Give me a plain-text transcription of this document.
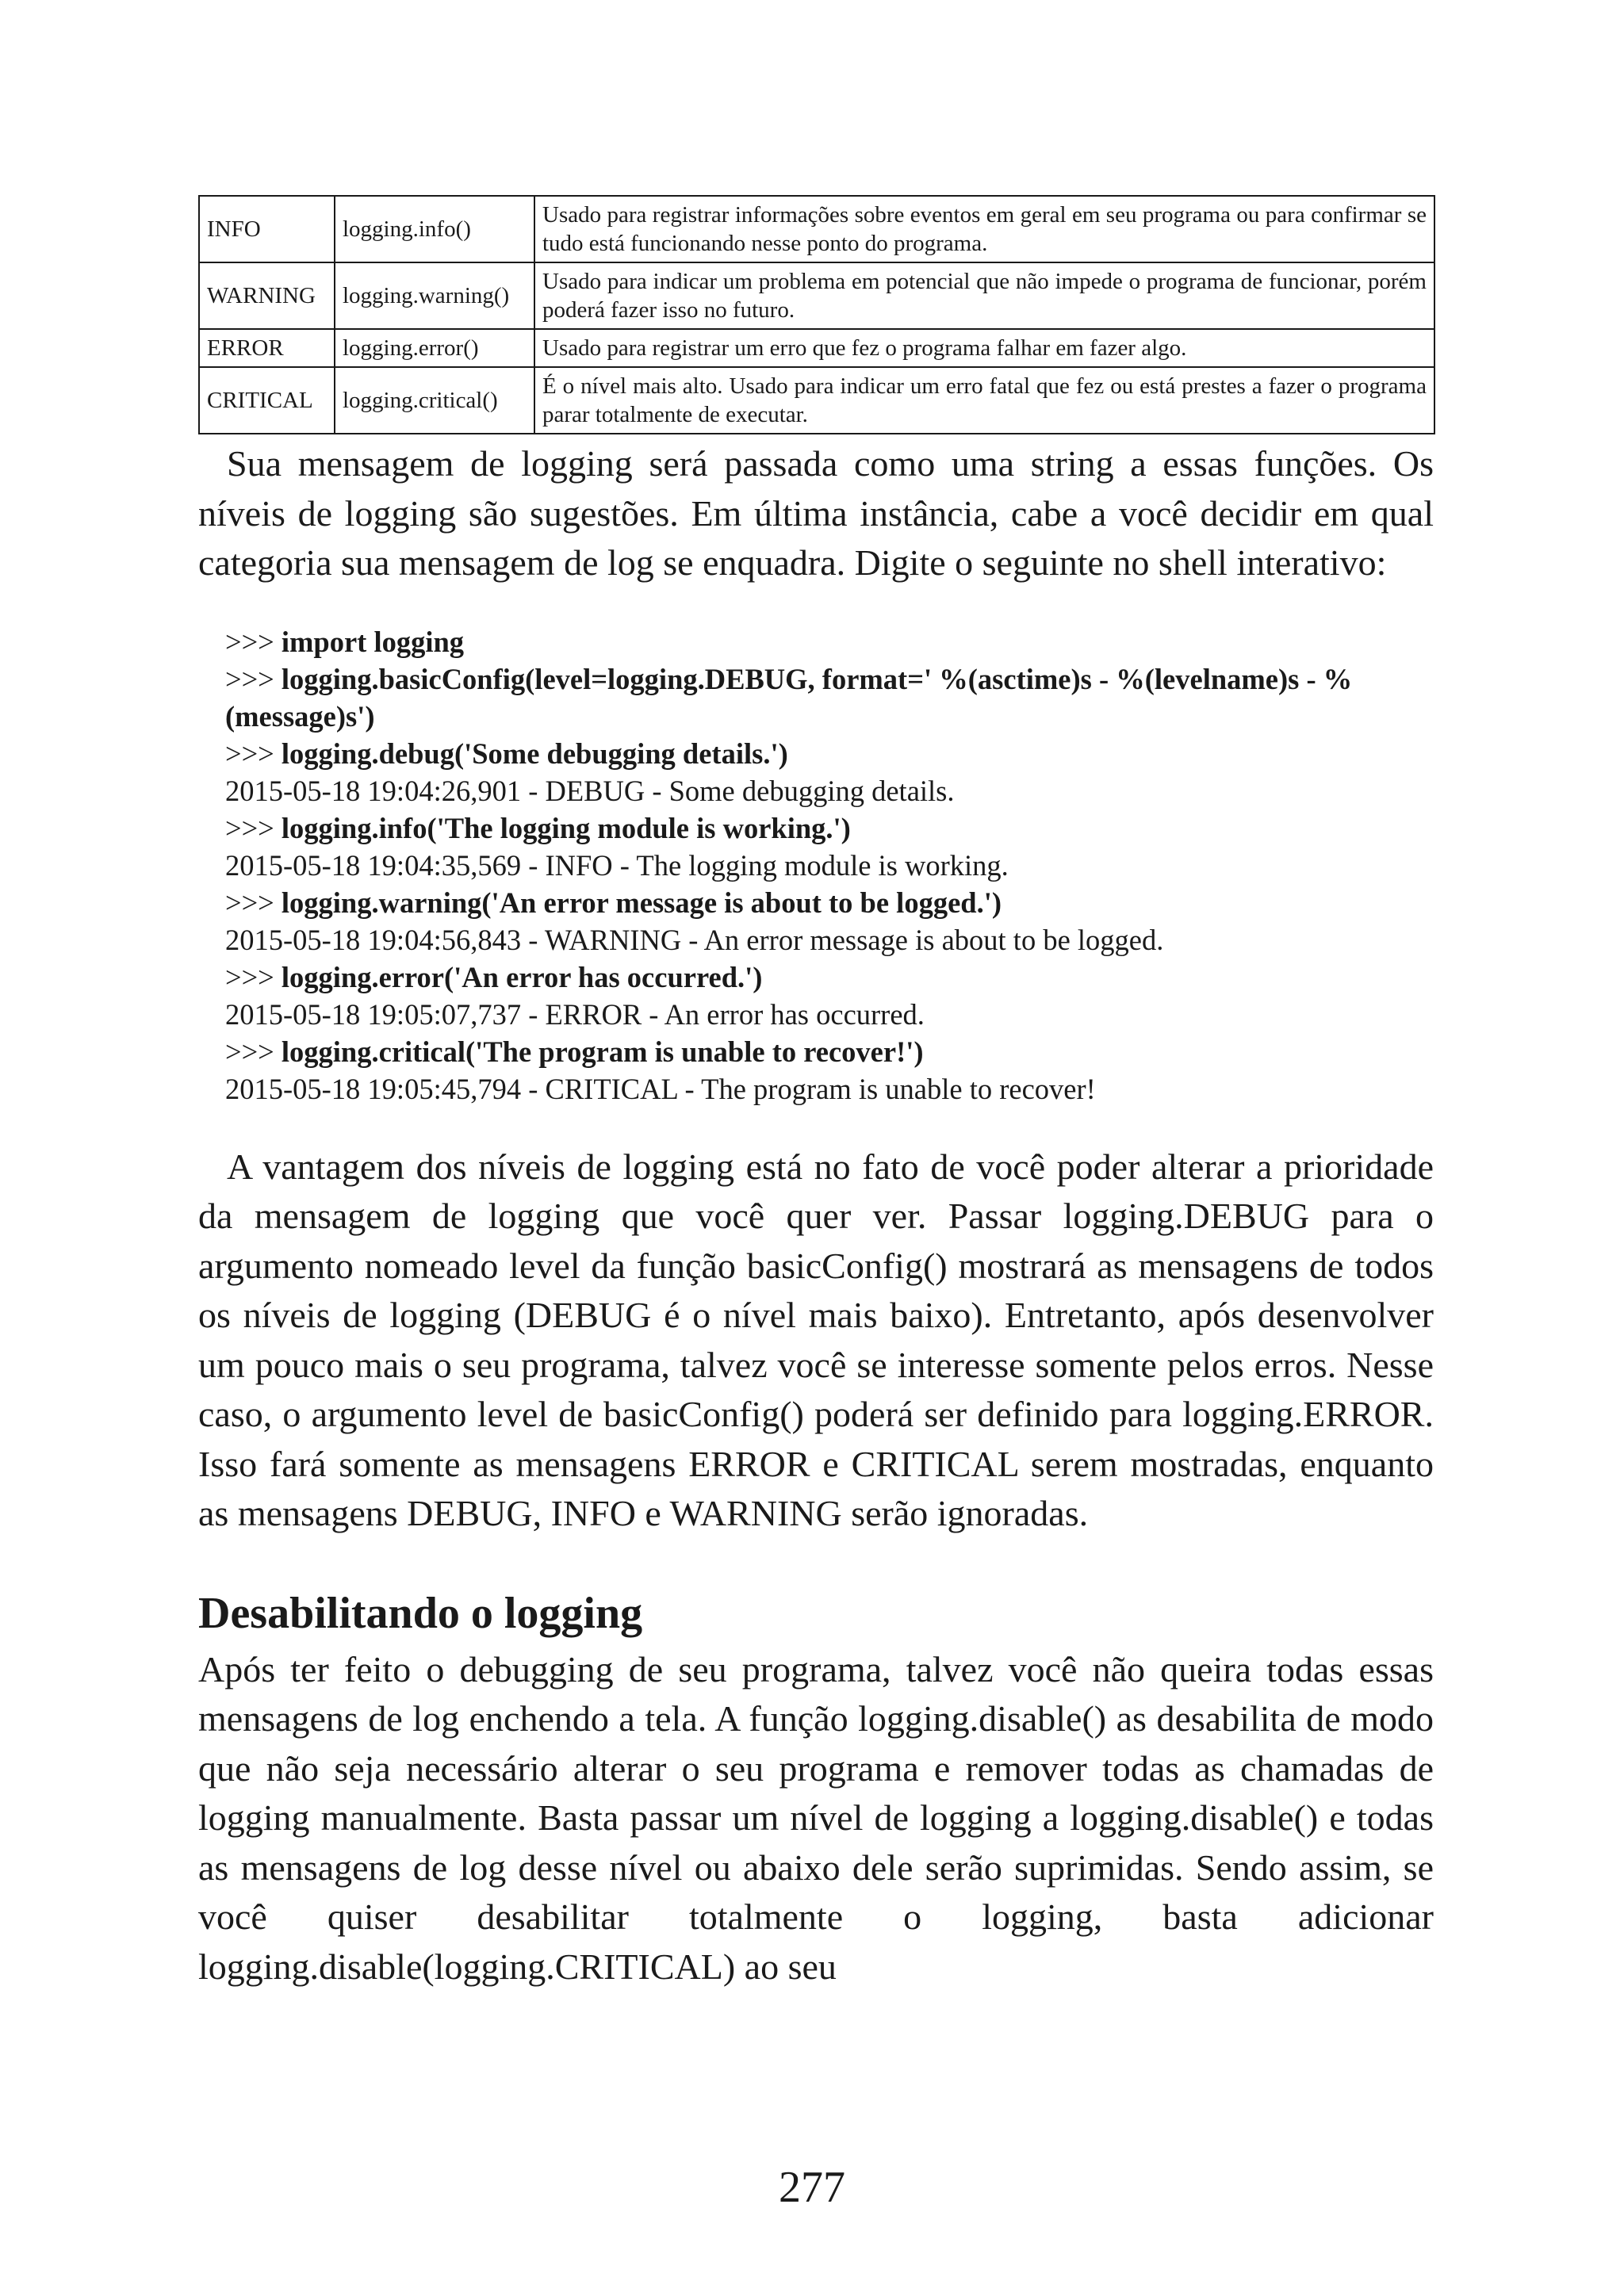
INFO	logging.info()	Usado para registrar informações sobre eventos em geral em seu programa ou para confirmar se tudo está funcionando nesse ponto do programa.
WARNING	logging.warning()	Usado para indicar um problema em potencial que não impede o programa de funcionar, porém poderá fazer isso no futuro.
ERROR	logging.error()	Usado para registrar um erro que fez o programa falhar em fazer algo.
CRITICAL	logging.critical()	É o nível mais alto. Usado para indicar um erro fatal que fez ou está prestes a fazer o programa parar totalmente de executar.

Sua mensagem de logging será passada como uma string a essas funções. Os níveis de logging são sugestões. Em última instância, cabe a você decidir em qual categoria sua mensagem de log se enquadra. Digite o seguinte no shell interativo:

>>> import logging
>>> logging.basicConfig(level=logging.DEBUG, format=' %(asctime)s - %(levelname)s - %(message)s')
>>> logging.debug('Some debugging details.')
2015-05-18 19:04:26,901 - DEBUG - Some debugging details.
>>> logging.info('The logging module is working.')
2015-05-18 19:04:35,569 - INFO - The logging module is working.
>>> logging.warning('An error message is about to be logged.')
2015-05-18 19:04:56,843 - WARNING - An error message is about to be logged.
>>> logging.error('An error has occurred.')
2015-05-18 19:05:07,737 - ERROR - An error has occurred.
>>> logging.critical('The program is unable to recover!')
2015-05-18 19:05:45,794 - CRITICAL - The program is unable to recover!

A vantagem dos níveis de logging está no fato de você poder alterar a prioridade da mensagem de logging que você quer ver. Passar logging.DEBUG para o argumento nomeado level da função basicConfig() mostrará as mensagens de todos os níveis de logging (DEBUG é o nível mais baixo). Entretanto, após desenvolver um pouco mais o seu programa, talvez você se interesse somente pelos erros. Nesse caso, o argumento level de basicConfig() poderá ser definido para logging.ERROR. Isso fará somente as mensagens ERROR e CRITICAL serem mostradas, enquanto as mensagens DEBUG, INFO e WARNING serão ignoradas.

Desabilitando o logging

Após ter feito o debugging de seu programa, talvez você não queira todas essas mensagens de log enchendo a tela. A função logging.disable() as desabilita de modo que não seja necessário alterar o seu programa e remover todas as chamadas de logging manualmente. Basta passar um nível de logging a logging.disable() e todas as mensagens de log desse nível ou abaixo dele serão suprimidas. Sendo assim, se você quiser desabilitar totalmente o logging, basta adicionar logging.disable(logging.CRITICAL) ao seu

277
